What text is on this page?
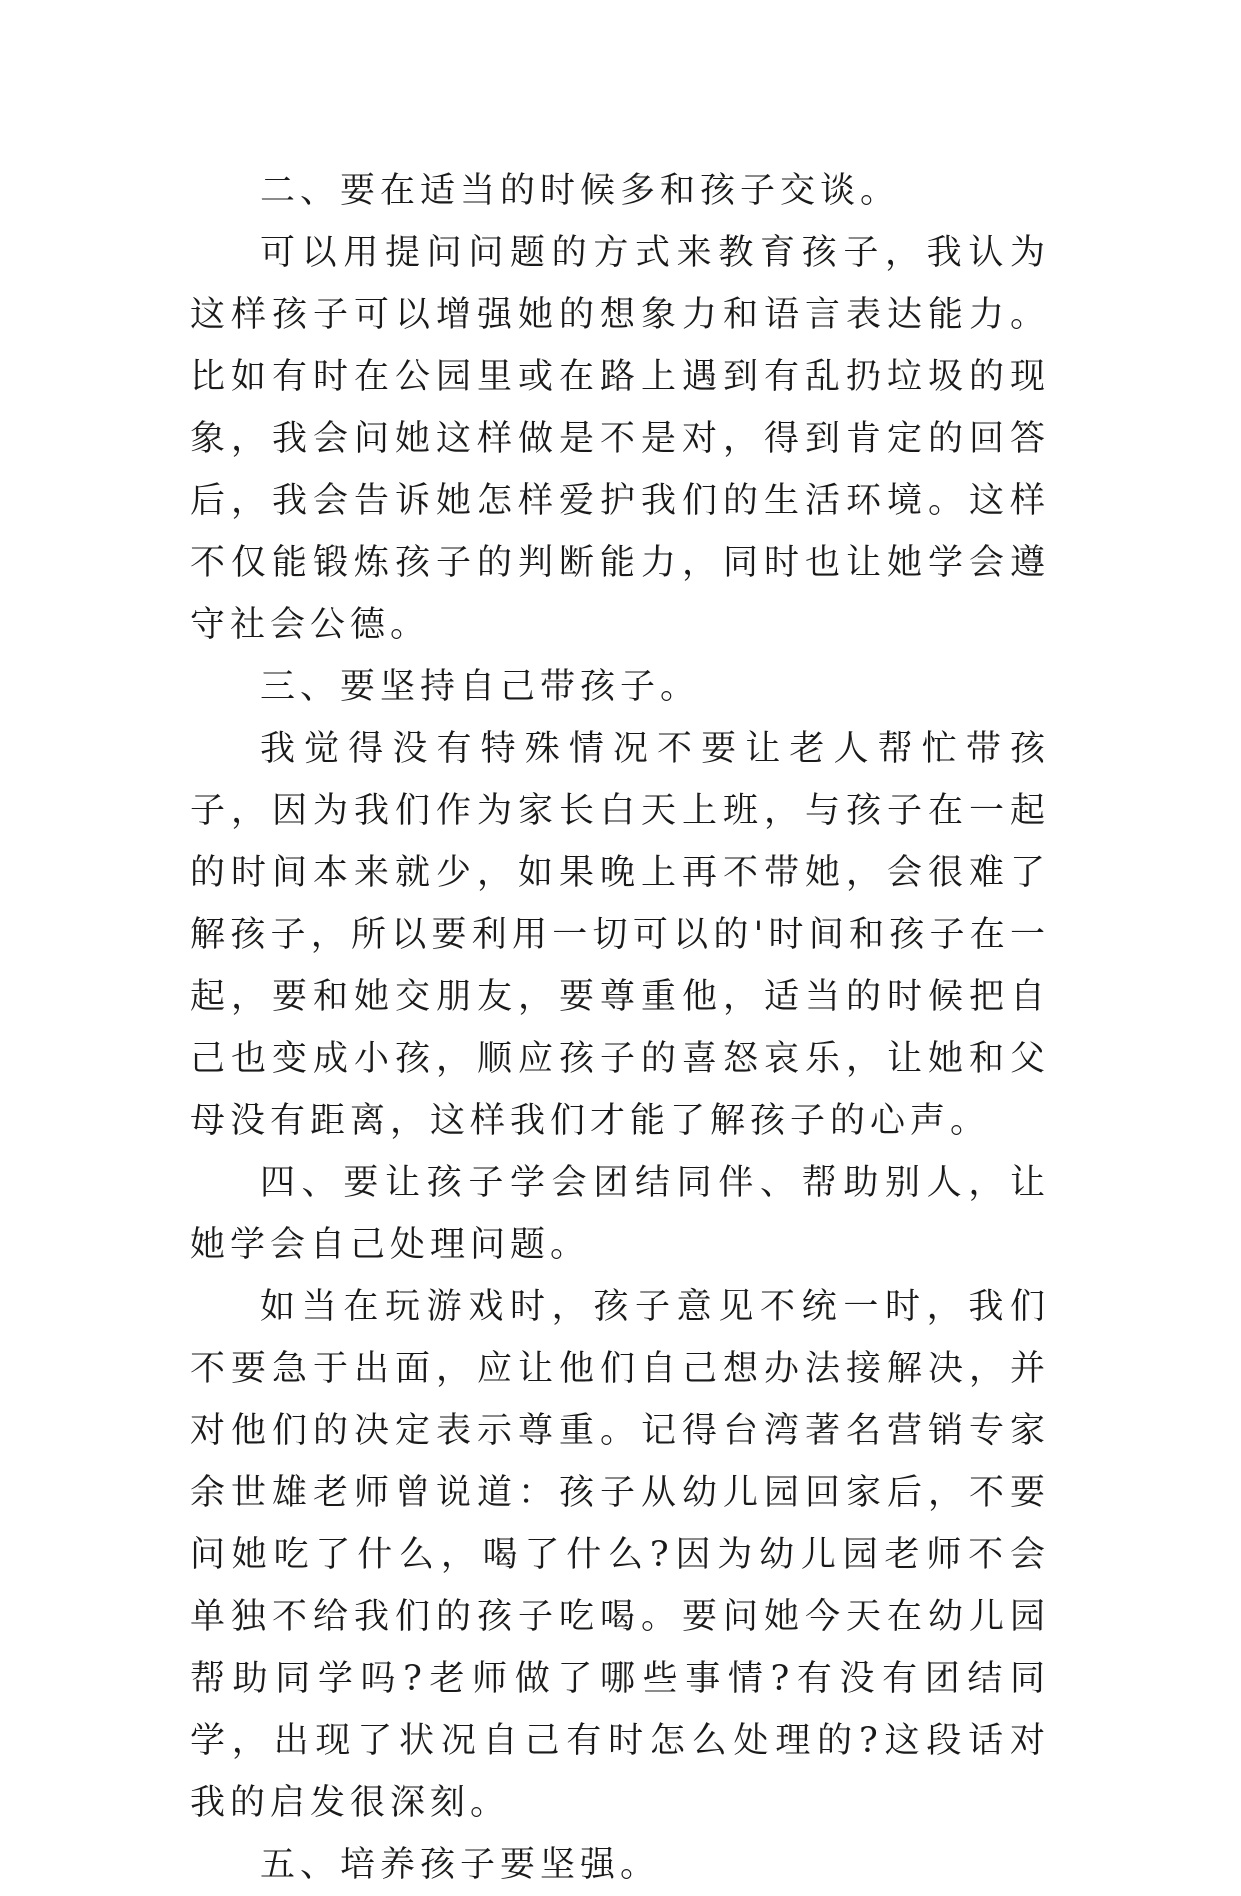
二、要在适当的时候多和孩子交谈。

可以用提问问题的方式来教育孩子，我认为这样孩子可以增强她的想象力和语言表达能力。比如有时在公园里或在路上遇到有乱扔垃圾的现象，我会问她这样做是不是对，得到肯定的回答后，我会告诉她怎样爱护我们的生活环境。这样不仅能锻炼孩子的判断能力，同时也让她学会遵守社会公德。

三、要坚持自己带孩子。

我觉得没有特殊情况不要让老人帮忙带孩子，因为我们作为家长白天上班，与孩子在一起的时间本来就少，如果晚上再不带她，会很难了解孩子，所以要利用一切可以的'时间和孩子在一起，要和她交朋友，要尊重他，适当的时候把自己也变成小孩，顺应孩子的喜怒哀乐，让她和父母没有距离，这样我们才能了解孩子的心声。

四、要让孩子学会团结同伴、帮助别人，让她学会自己处理问题。

如当在玩游戏时，孩子意见不统一时，我们不要急于出面，应让他们自己想办法接解决，并对他们的决定表示尊重。记得台湾著名营销专家余世雄老师曾说道：孩子从幼儿园回家后，不要问她吃了什么，喝了什么?因为幼儿园老师不会单独不给我们的孩子吃喝。要问她今天在幼儿园帮助同学吗?老师做了哪些事情?有没有团结同学，出现了状况自己有时怎么处理的?这段话对我的启发很深刻。

五、培养孩子要坚强。
